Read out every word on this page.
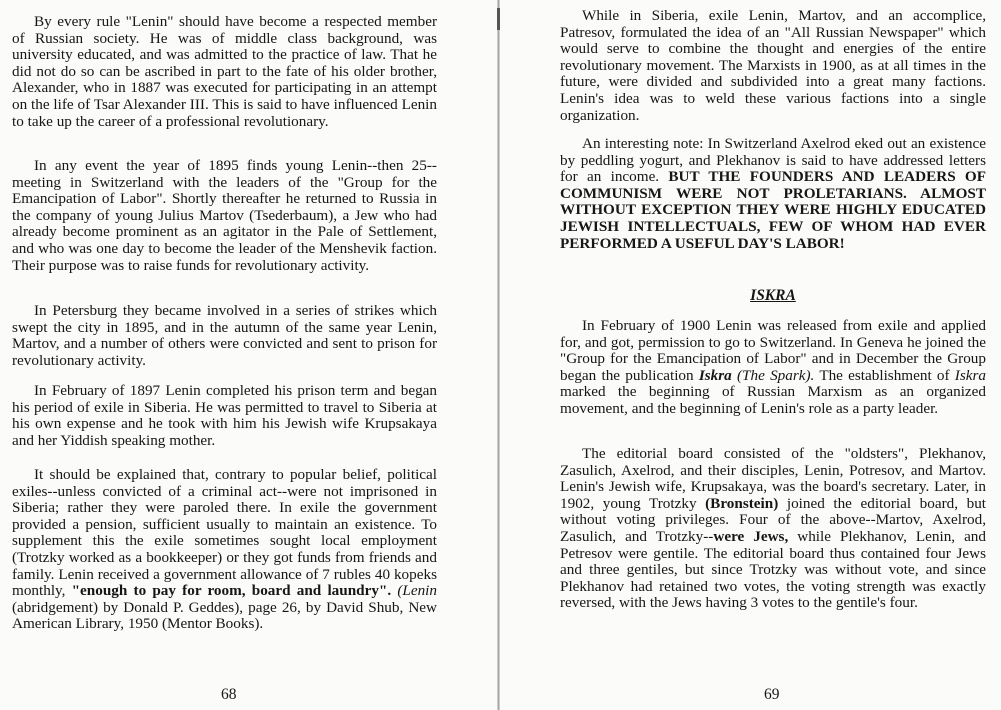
By every rule "Lenin" should have become a respected member of Russian society. He was of middle class background, was university educated, and was admitted to the practice of law. That he did not do so can be ascribed in part to the fate of his older brother, Alexander, who in 1887 was executed for participating in an attempt on the life of Tsar Alexander III. This is said to have influenced Lenin to take up the career of a professional revolutionary.

In any event the year of 1895 finds young Lenin--then 25--meeting in Switzerland with the leaders of the "Group for the Emancipation of Labor". Shortly thereafter he returned to Russia in the company of young Julius Martov (Tsederbaum), a Jew who had already become prominent as an agitator in the Pale of Settlement, and who was one day to become the leader of the Menshevik faction. Their purpose was to raise funds for revolutionary activity.

In Petersburg they became involved in a series of strikes which swept the city in 1895, and in the autumn of the same year Lenin, Martov, and a number of others were convicted and sent to prison for revolutionary activity.

In February of 1897 Lenin completed his prison term and began his period of exile in Siberia. He was permitted to travel to Siberia at his own expense and he took with him his Jewish wife Krupsakaya and her Yiddish speaking mother.

It should be explained that, contrary to popular belief, political exiles--unless convicted of a criminal act--were not imprisoned in Siberia; rather they were paroled there. In exile the government provided a pension, sufficient usually to maintain an existence. To supplement this the exile sometimes sought local employment (Trotzky worked as a bookkeeper) or they got funds from friends and family. Lenin received a government allowance of 7 rubles 40 kopeks monthly, "enough to pay for room, board and laundry". (Lenin (abridgement) by Donald P. Geddes), page 26, by David Shub, New American Library, 1950 (Mentor Books).

68

While in Siberia, exile Lenin, Martov, and an accomplice, Patresov, formulated the idea of an "All Russian Newspaper" which would serve to combine the thought and energies of the entire revolutionary movement. The Marxists in 1900, as at all times in the future, were divided and subdivided into a great many factions. Lenin's idea was to weld these various factions into a single organization.

An interesting note: In Switzerland Axelrod eked out an existence by peddling yogurt, and Plekhanov is said to have addressed letters for an income. BUT THE FOUNDERS AND LEADERS OF COMMUNISM WERE NOT PROLETARIANS. ALMOST WITHOUT EXCEPTION THEY WERE HIGHLY EDUCATED JEWISH INTELLECTUALS, FEW OF WHOM HAD EVER PERFORMED A USEFUL DAY'S LABOR!

ISKRA

In February of 1900 Lenin was released from exile and applied for, and got, permission to go to Switzerland. In Geneva he joined the "Group for the Emancipation of Labor" and in December the Group began the publication Iskra (The Spark). The establishment of Iskra marked the beginning of Russian Marxism as an organized movement, and the beginning of Lenin's role as a party leader.

The editorial board consisted of the "oldsters", Plekhanov, Zasulich, Axelrod, and their disciples, Lenin, Potresov, and Martov. Lenin's Jewish wife, Krupsakaya, was the board's secretary. Later, in 1902, young Trotzky (Bronstein) joined the editorial board, but without voting privileges. Four of the above--Martov, Axelrod, Zasulich, and Trotzky--were Jews, while Plekhanov, Lenin, and Petresov were gentile. The editorial board thus contained four Jews and three gentiles, but since Trotzky was without vote, and since Plekhanov had retained two votes, the voting strength was exactly reversed, with the Jews having 3 votes to the gentile's four.

69
